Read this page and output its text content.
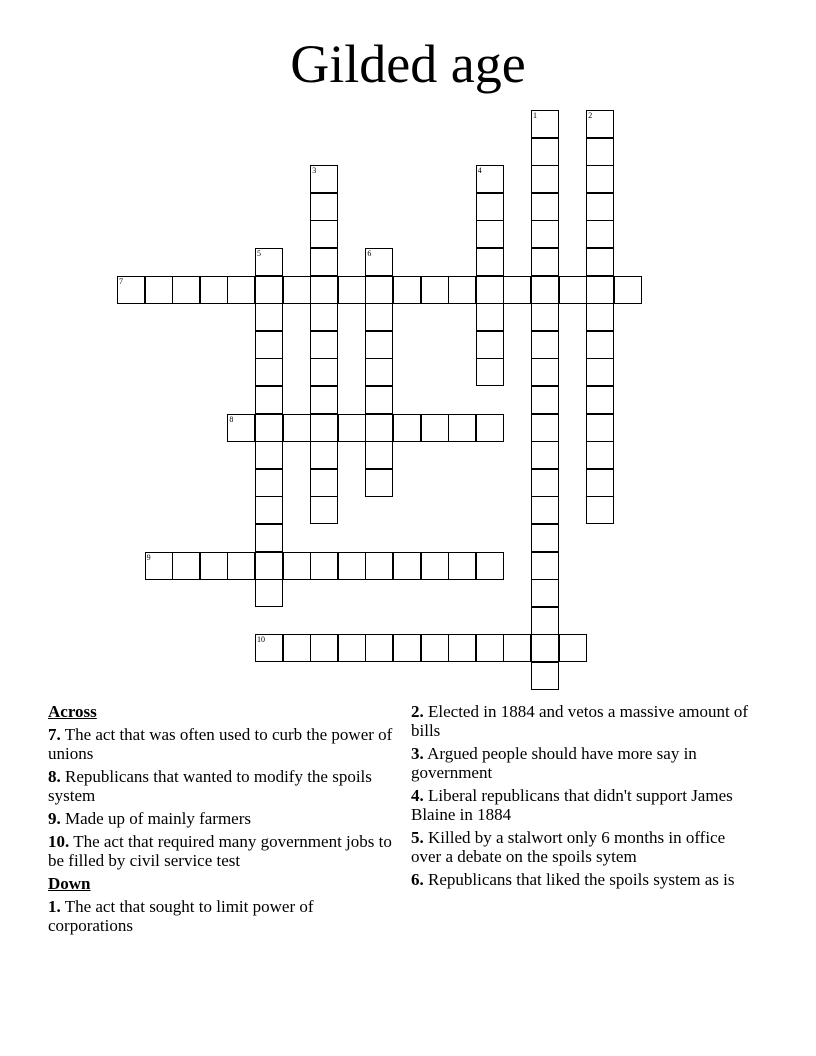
Gilded age
1	2
3	4
5	6
7
8
9
10
Across
7. The act that was often used to curb the power of unions
8. Republicans that wanted to modify the spoils system
9. Made up of mainly farmers
10. The act that required many government jobs to be filled by civil service test
Down
1. The act that sought to limit power of corporations
2. Elected in 1884 and vetos a massive amount of bills
3. Argued people should have more say in government
4. Liberal republicans that didn't support James Blaine in 1884
5. Killed by a stalwort only 6 months in office over a debate on the spoils sytem
6. Republicans that liked the spoils system as is
